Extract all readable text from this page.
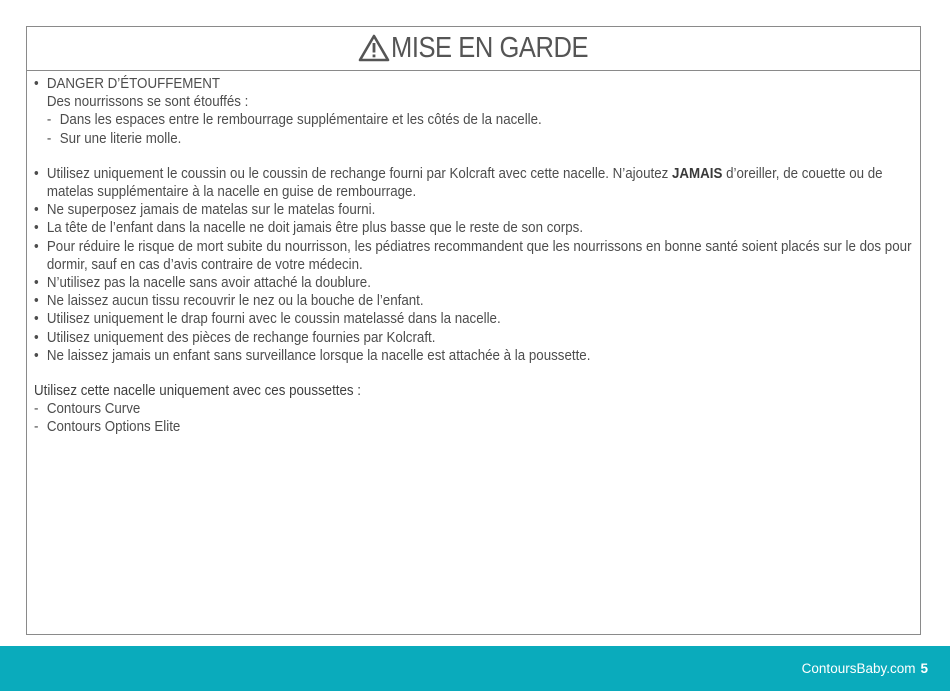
MISE EN GARDE
• DANGER D’ÉTOUFFEMENT
Des nourrissons se sont étouffés :
- Dans les espaces entre le rembourrage supplémentaire et les côtés de la nacelle.
- Sur une literie molle.
• Utilisez uniquement le coussin ou le coussin de rechange fourni par Kolcraft avec cette nacelle. N’ajoutez JAMAIS d’oreiller, de couette ou de matelas supplémentaire à la nacelle en guise de rembourrage.
• Ne superposez jamais de matelas sur le matelas fourni.
• La tête de l’enfant dans la nacelle ne doit jamais être plus basse que le reste de son corps.
• Pour réduire le risque de mort subite du nourrisson, les pédiatres recommandent que les nourrissons en bonne santé soient placés sur le dos pour dormir, sauf en cas d’avis contraire de votre médecin.
• N’utilisez pas la nacelle sans avoir attaché la doublure.
• Ne laissez aucun tissu recouvrir le nez ou la bouche de l’enfant.
• Utilisez uniquement le drap fourni avec le coussin matelassé dans la nacelle.
• Utilisez uniquement des pièces de rechange fournies par Kolcraft.
• Ne laissez jamais un enfant sans surveillance lorsque la nacelle est attachée à la poussette.
Utilisez cette nacelle uniquement avec ces poussettes :
- Contours Curve
- Contours Options Elite
ContoursBaby.com 5
